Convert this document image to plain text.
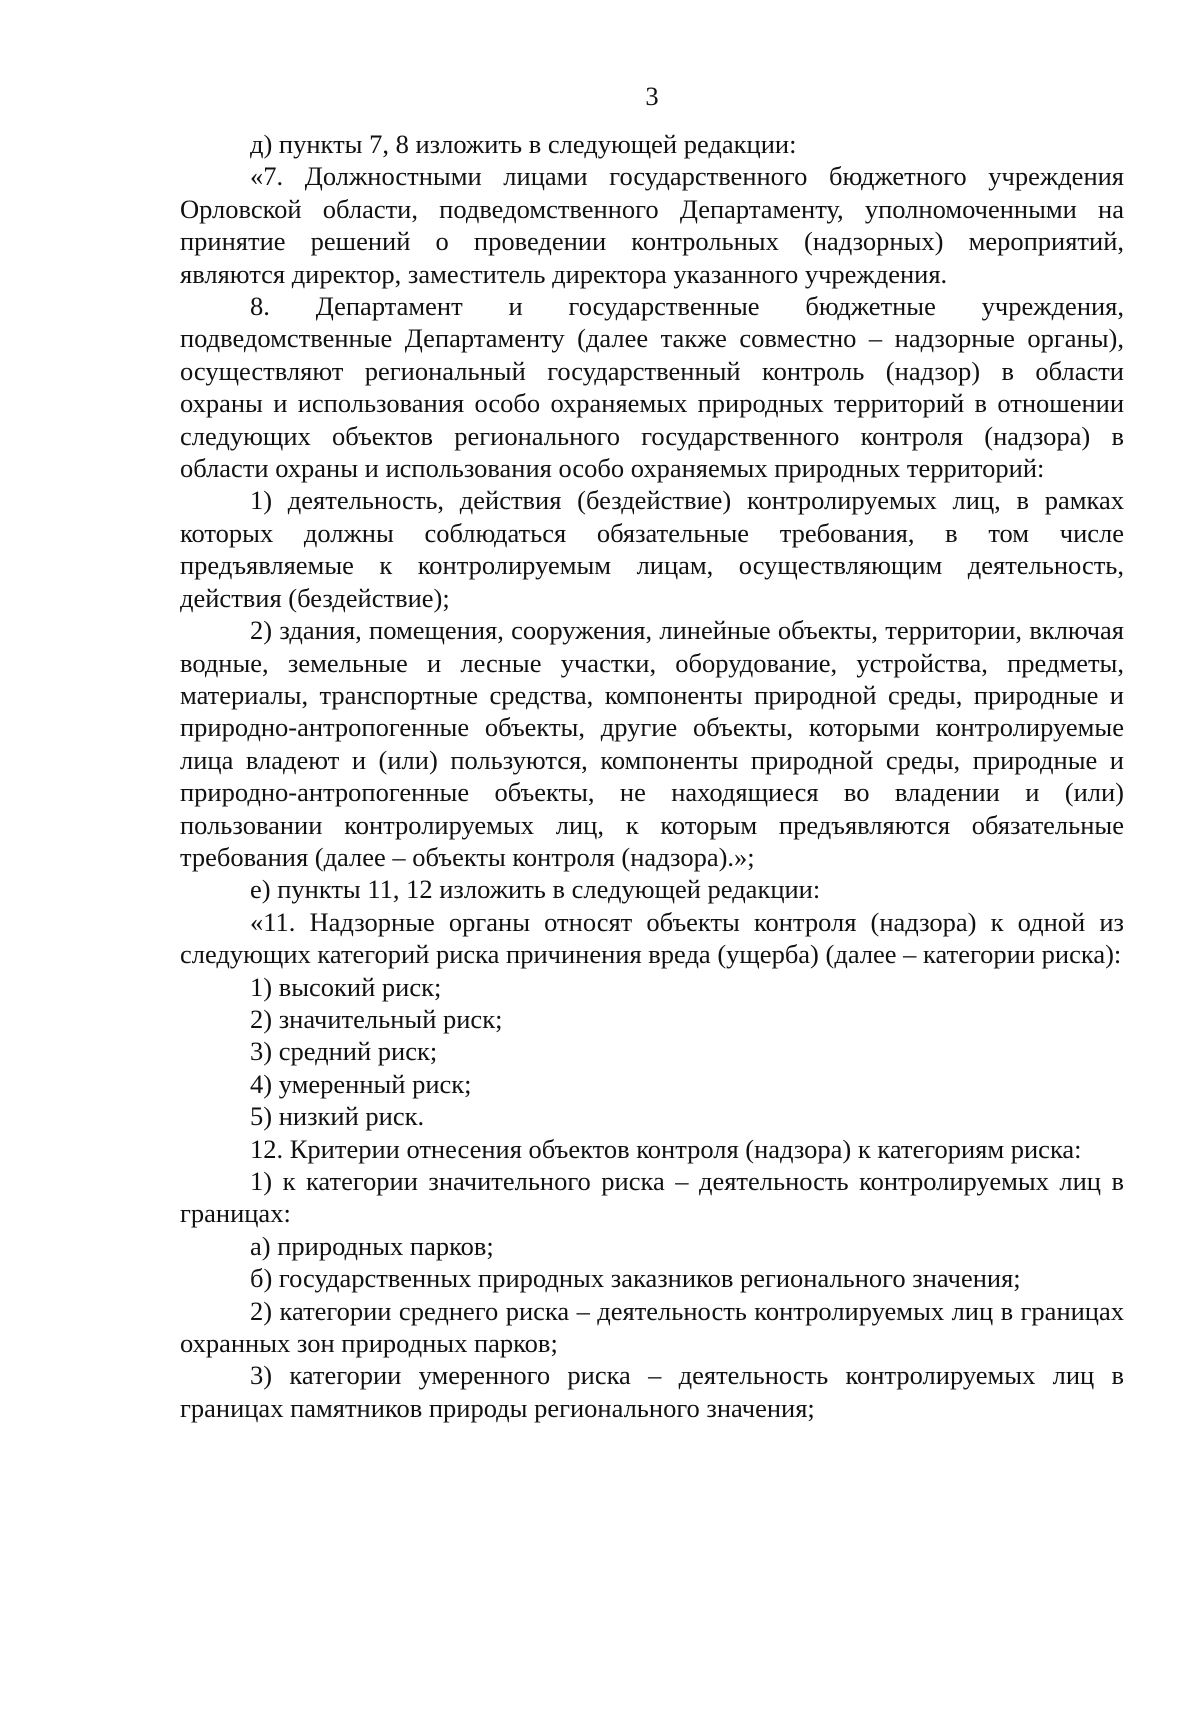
3

д) пункты 7, 8 изложить в следующей редакции:

«7. Должностными лицами государственного бюджетного учреждения Орловской области, подведомственного Департаменту, уполномоченными на принятие решений о проведении контрольных (надзорных) мероприятий, являются директор, заместитель директора указанного учреждения.

8. Департамент и государственные бюджетные учреждения, подведомственные Департаменту (далее также совместно – надзорные органы), осуществляют региональный государственный контроль (надзор) в области охраны и использования особо охраняемых природных территорий в отношении следующих объектов регионального государственного контроля (надзора) в области охраны и использования особо охраняемых природных территорий:

1) деятельность, действия (бездействие) контролируемых лиц, в рамках которых должны соблюдаться обязательные требования, в том числе предъявляемые к контролируемым лицам, осуществляющим деятельность, действия (бездействие);

2) здания, помещения, сооружения, линейные объекты, территории, включая водные, земельные и лесные участки, оборудование, устройства, предметы, материалы, транспортные средства, компоненты природной среды, природные и природно-антропогенные объекты, другие объекты, которыми контролируемые лица владеют и (или) пользуются, компоненты природной среды, природные и природно-антропогенные объекты, не находящиеся во владении и (или) пользовании контролируемых лиц, к которым предъявляются обязательные требования (далее – объекты контроля (надзора).»;

е) пункты 11, 12 изложить в следующей редакции:

«11. Надзорные органы относят объекты контроля (надзора) к одной из следующих категорий риска причинения вреда (ущерба) (далее – категории риска):

1) высокий риск;

2) значительный риск;

3) средний риск;

4) умеренный риск;

5) низкий риск.

12. Критерии отнесения объектов контроля (надзора) к категориям риска:

1) к категории значительного риска – деятельность контролируемых лиц в границах:

а) природных парков;

б) государственных природных заказников регионального значения;

2) категории среднего риска – деятельность контролируемых лиц в границах охранных зон природных парков;

3) категории умеренного риска – деятельность контролируемых лиц в границах памятников природы регионального значения;
